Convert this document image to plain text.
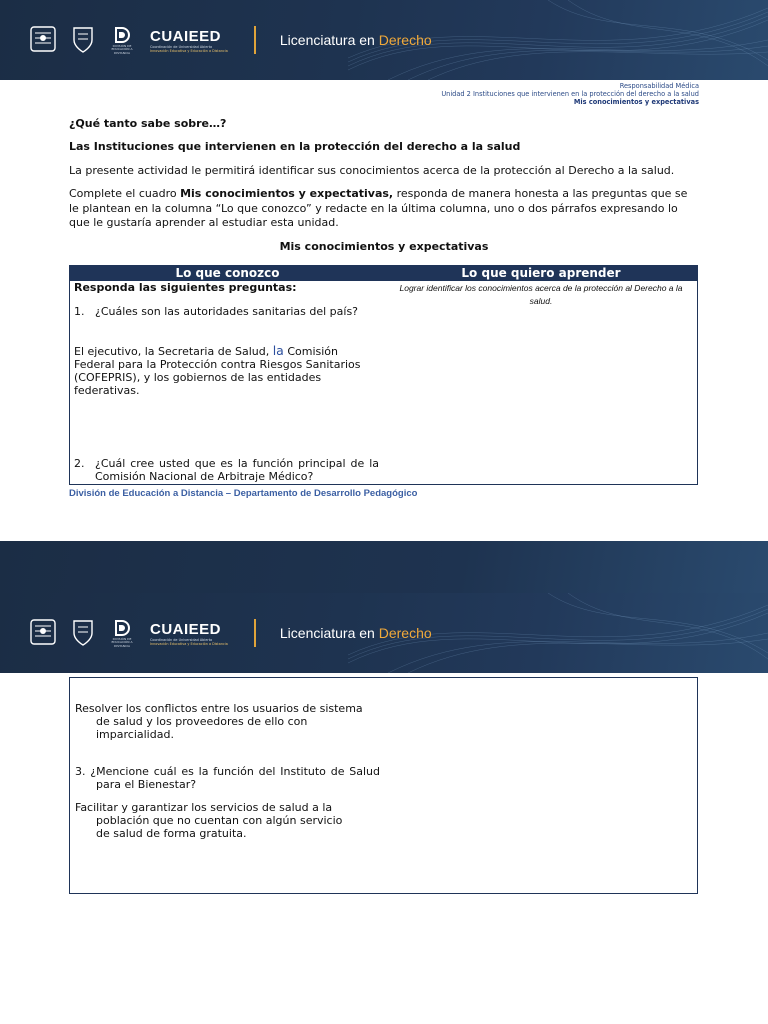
DIVISIÓN DE EDUCACIÓN A DISTANCIA
CUAIEED
Coordinación de Universidad Abierta
Innovación Educativa y Educación a Distancia
Licenciatura en Derecho
Responsabilidad Médica
Unidad 2 Instituciones que intervienen en la protección del derecho a la salud
Mis conocimientos y expectativas
¿Qué tanto sabe sobre…?
Las Instituciones que intervienen en la protección del derecho a la salud
La presente actividad le permitirá identificar sus conocimientos acerca de la protección al Derecho a la salud.
Complete el cuadro Mis conocimientos y expectativas, responda de manera honesta a las preguntas que se le plantean en la columna “Lo que conozco” y redacte en la última columna, uno o dos párrafos expresando lo que le gustaría aprender al estudiar esta unidad.
Mis conocimientos y expectativas
Lo que conozco	Lo que quiero aprender
Responda las siguientes preguntas:
1. ¿Cuáles son las autoridades sanitarias del país?
El ejecutivo, la Secretaria de Salud, la Comisión Federal para la Protección contra Riesgos Sanitarios (COFEPRIS), y los gobiernos de las entidades federativas.
2. ¿Cuál cree usted que es la función principal de la Comisión Nacional de Arbitraje Médico?
Lograr identificar los conocimientos acerca de la protección al Derecho a la salud.
División de Educación a Distancia – Departamento de Desarrollo Pedagógico
DIVISIÓN DE EDUCACIÓN A DISTANCIA
CUAIEED
Coordinación de Universidad Abierta
Innovación Educativa y Educación a Distancia
Licenciatura en Derecho
Resolver los conflictos entre los usuarios de sistema de salud y los proveedores de ello con imparcialidad.
3. ¿Mencione cuál es la función del Instituto de Salud para el Bienestar?
Facilitar y garantizar los servicios de salud a la población que no cuentan con algún servicio de salud de forma gratuita.
